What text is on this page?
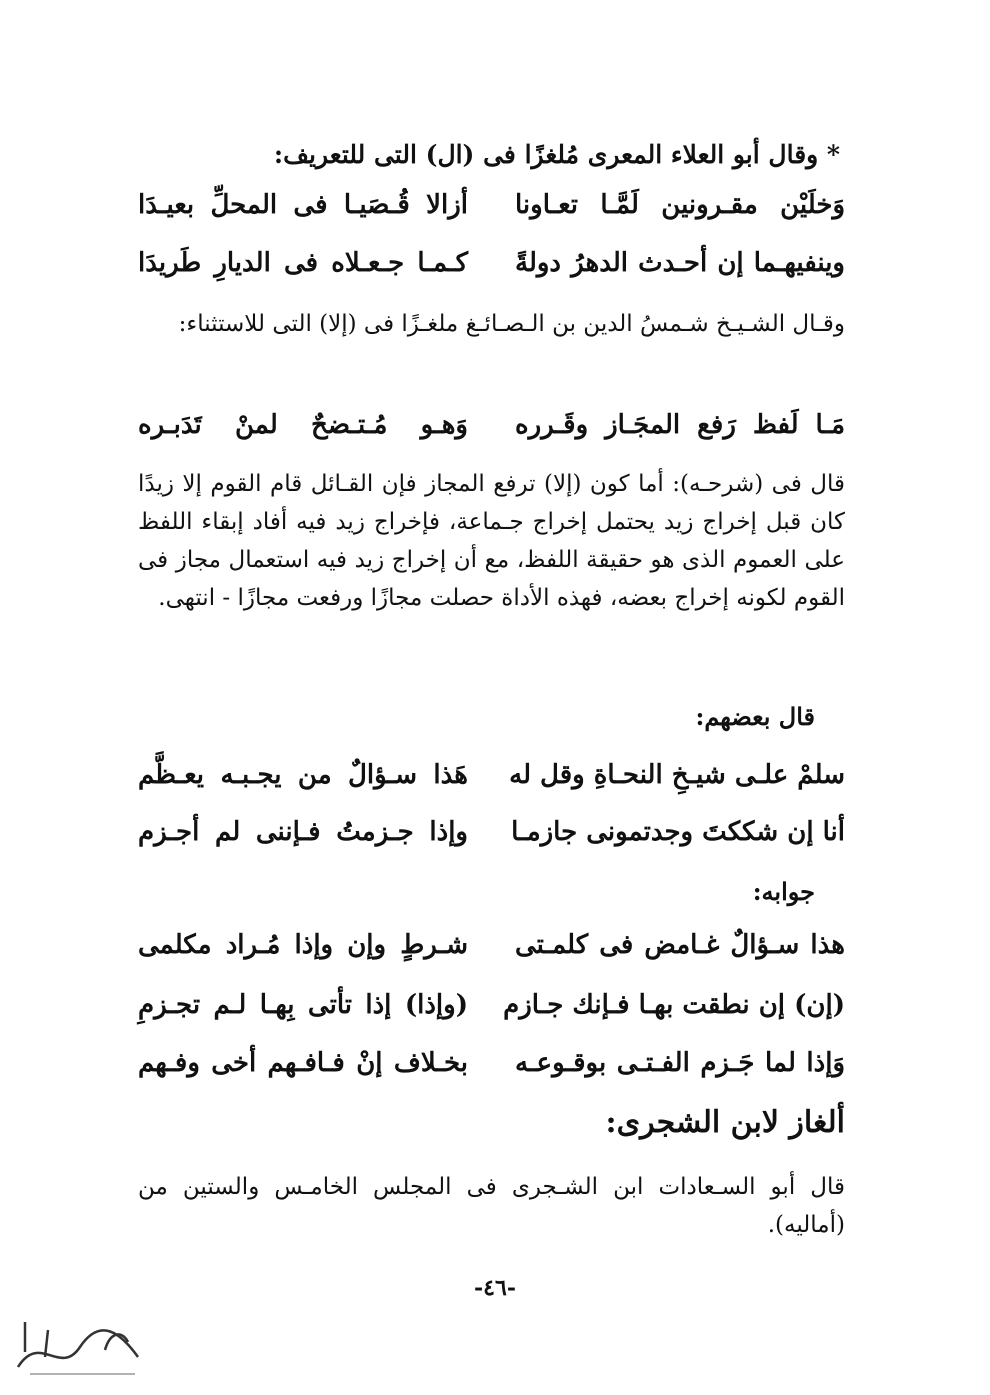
* وقال أبو العلاء المعرى مُلغزًا فى (ال) التى للتعريف:
وَخلَيْن مقـرونين لَمَّـا تعـاونا
أزالا قُـصَيـا فى المحلِّ بعيـدَا
وينفيهـما إن أحـدث الدهرُ دولةً
كـمـا جـعـلاه فى الديارِ طَريدَا
وقـال الشـيـخ شـمسُ الدين بن الـصـائـغ ملغـزًا فى (إلا) التى للاستثناء:
مَـا لَفظ رَفع المجَـاز وقَـرره
وَهـو مُـتـضحٌ لمنْ تَدَبـره
قال فى (شرحـه): أما كون (إلا) ترفع المجاز فإن القـائل قام القوم إلا زيدًا كان قبل إخراج زيد يحتمل إخراج جـماعة، فإخراج زيد فيه أفاد إبقاء اللفظ على العموم الذى هو حقيقة اللفظ، مع أن إخراج زيد فيه استعمال مجاز فى القوم لكونه إخراج بعضه، فهذه الأداة حصلت مجازًا ورفعت مجازًا - انتهى.
قال بعضهم:
سلمْ علـى شيـخِ النحـاةِ وقل له
هَذا سـؤالٌ من يجـبـه يعـظَّم
أنا إن شككتَ وجدتمونى جازمـا
وإذا جـزمتُ فـإننى لم أجـزم
جوابه:
هذا سـؤالٌ غـامض فى كلمـتى
شـرطٍ وإن وإذا مُـراد مكلمى
(إن) إن نطقت بهـا فـإنك جـازم
(وإذا) إذا تأتى بِهـا لـم تجـزمِ
وَإذا لما جَـزم الفـتـى بوقـوعـه
بخـلاف إنْ فـافـهم أخى وفـهم
ألغاز لابن الشجرى:
قال أبو السـعادات ابن الشـجرى فى المجلس الخامـس والستين من (أماليه).
-٤٦-
